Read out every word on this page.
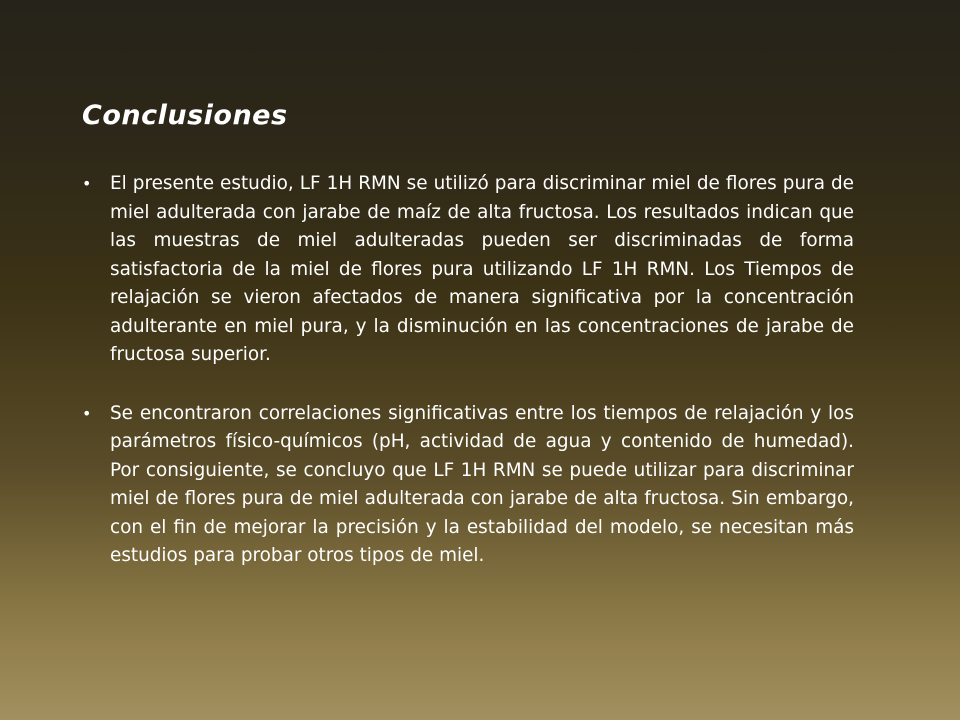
Conclusiones
• El presente estudio, LF 1H RMN se utilizó para discriminar miel de flores pura de miel adulterada con jarabe de maíz de alta fructosa. Los resultados indican que las muestras de miel adulteradas pueden ser discriminadas de forma satisfactoria de la miel de flores pura utilizando LF 1H RMN. Los Tiempos de relajación se vieron afectados de manera significativa por la concentración adulterante en miel pura, y la disminución en las concentraciones de jarabe de fructosa superior.
• Se encontraron correlaciones significativas entre los tiempos de relajación y los parámetros físico-químicos (pH, actividad de agua y contenido de humedad). Por consiguiente, se concluyo que LF 1H RMN se puede utilizar para discriminar miel de flores pura de miel adulterada con jarabe de alta fructosa. Sin embargo, con el fin de mejorar la precisión y la estabilidad del modelo, se necesitan más estudios para probar otros tipos de miel.
